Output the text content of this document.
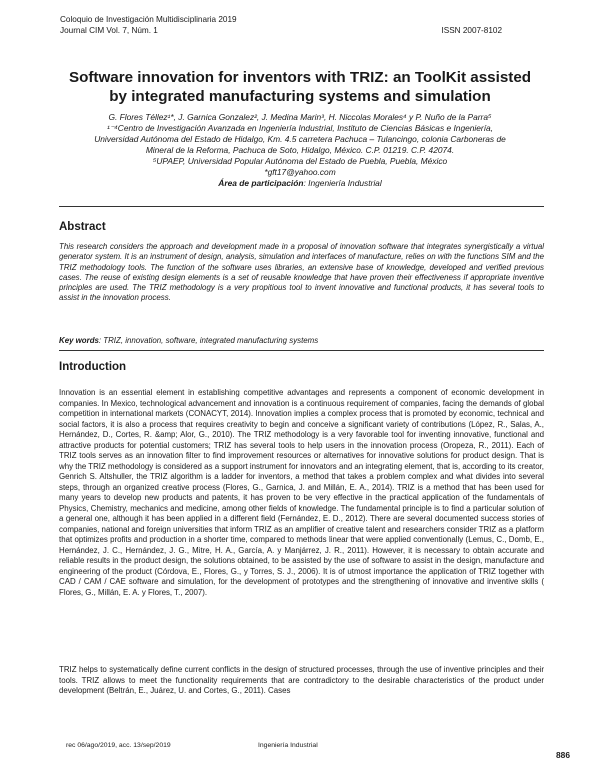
Coloquio de Investigación Multidisciplinaria 2019
Journal CIM Vol. 7, Núm. 1	ISSN 2007-8102
Software innovation for inventors with TRIZ: an ToolKit assisted
by integrated manufacturing systems and simulation
G. Flores Téllez¹*, J. Garnica Gonzalez², J. Medina Marin³, H. Niccolas Morales⁴ y P. Nuño de la Parra⁵
¹⁻⁴Centro de Investigación Avanzada en Ingeniería Industrial, Instituto de Ciencias Básicas e Ingeniería,
Universidad Autónoma del Estado de Hidalgo, Km. 4.5 carretera Pachuca – Tulancingo, colonia Carboneras de
Mineral de la Reforma, Pachuca de Soto, Hidalgo, México. C.P. 01219. C.P. 42074.
⁵UPAEP, Universidad Popular Autónoma del Estado de Puebla, Puebla, México
*gft17@yahoo.com
Área de participación: Ingeniería Industrial
Abstract
This research considers the approach and development made in a proposal of innovation software that integrates synergistically a virtual generator system. It is an instrument of design, analysis, simulation and interfaces of manufacture, relies on with the functions SIM and the TRIZ methodology tools. The function of the software uses libraries, an extensive base of knowledge, developed and verified previous cases. The reuse of existing design elements is a set of reusable knowledge that have proven their effectiveness if appropriate inventive principles are used. The TRIZ methodology is a very propitious tool to invent innovative and functional products, it has several tools to assist in the innovation process.
Key words: TRIZ, innovation, software, integrated manufacturing systems
Introduction

Innovation is an essential element in establishing competitive advantages and represents a component of economic development in companies. In Mexico, technological advancement and innovation is a continuous requirement of companies, facing the demands of global competition in international markets (CONACYT, 2014). Innovation implies a complex process that is promoted by economic, technical and social factors, it is also a process that requires creativity to begin and conceive a significant variety of contributions (López, R., Salas, A., Hernández, D., Cortes, R. &amp; Alor, G., 2010). The TRIZ methodology is a very favorable tool for inventing innovative, functional and attractive products for potential customers; TRIZ has several tools to help users in the innovation process (Oropeza, R., 2011). Each of TRIZ tools serves as an innovation filter to find improvement resources or alternatives for innovative solutions for product design. That is why the TRIZ methodology is considered as a support instrument for innovators and an integrating element, that is, according to its creator, Genrich S. Altshuller, the TRIZ algorithm is a ladder for inventors, a method that takes a problem complex and what divides into several steps, through an organized creative process (Flores, G., Garnica, J. and Millán, E. A., 2014). TRIZ is a method that has been used for many years to develop new products and patents, it has proven to be very effective in the practical application of the fundamentals of Physics, Chemistry, mechanics and medicine, among other fields of knowledge. The fundamental principle is to find a particular solution of a general one, although it has been applied in a different field (Fernández, E. D., 2012). There are several documented success stories of companies, national and foreign universities that inform TRIZ as an amplifier of creative talent and researchers consider TRIZ as a platform that optimizes profits and production in a shorter time, compared to methods linear that were applied conventionally (Lemus, C., Domb, E., Hernández, J. C., Hernández, J. G., Mitre, H. A., García, A. y Manjárrez, J. R., 2011). However, it is necessary to obtain accurate and reliable results in the product design, the solutions obtained, to be assisted by the use of software to assist in the design, manufacture and engineering of the product (Córdova, E., Flores, G., y Torres, S. J., 2006). It is of utmost importance the application of TRIZ together with CAD / CAM / CAE software and simulation, for the development of prototypes and the strengthening of innovative and inventive skills ( Flores, G., Millán, E. A. y Flores, T., 2007).

TRIZ helps to systematically define current conflicts in the design of structured processes, through the use of inventive principles and their tools. TRIZ allows to meet the functionality requirements that are contradictory to the desirable characteristics of the product under development (Beltrán, E., Juárez, U. and Cortes, G., 2011). Cases

rec 06/ago/2019, acc. 13/sep/2019	Ingeniería Industrial
886
